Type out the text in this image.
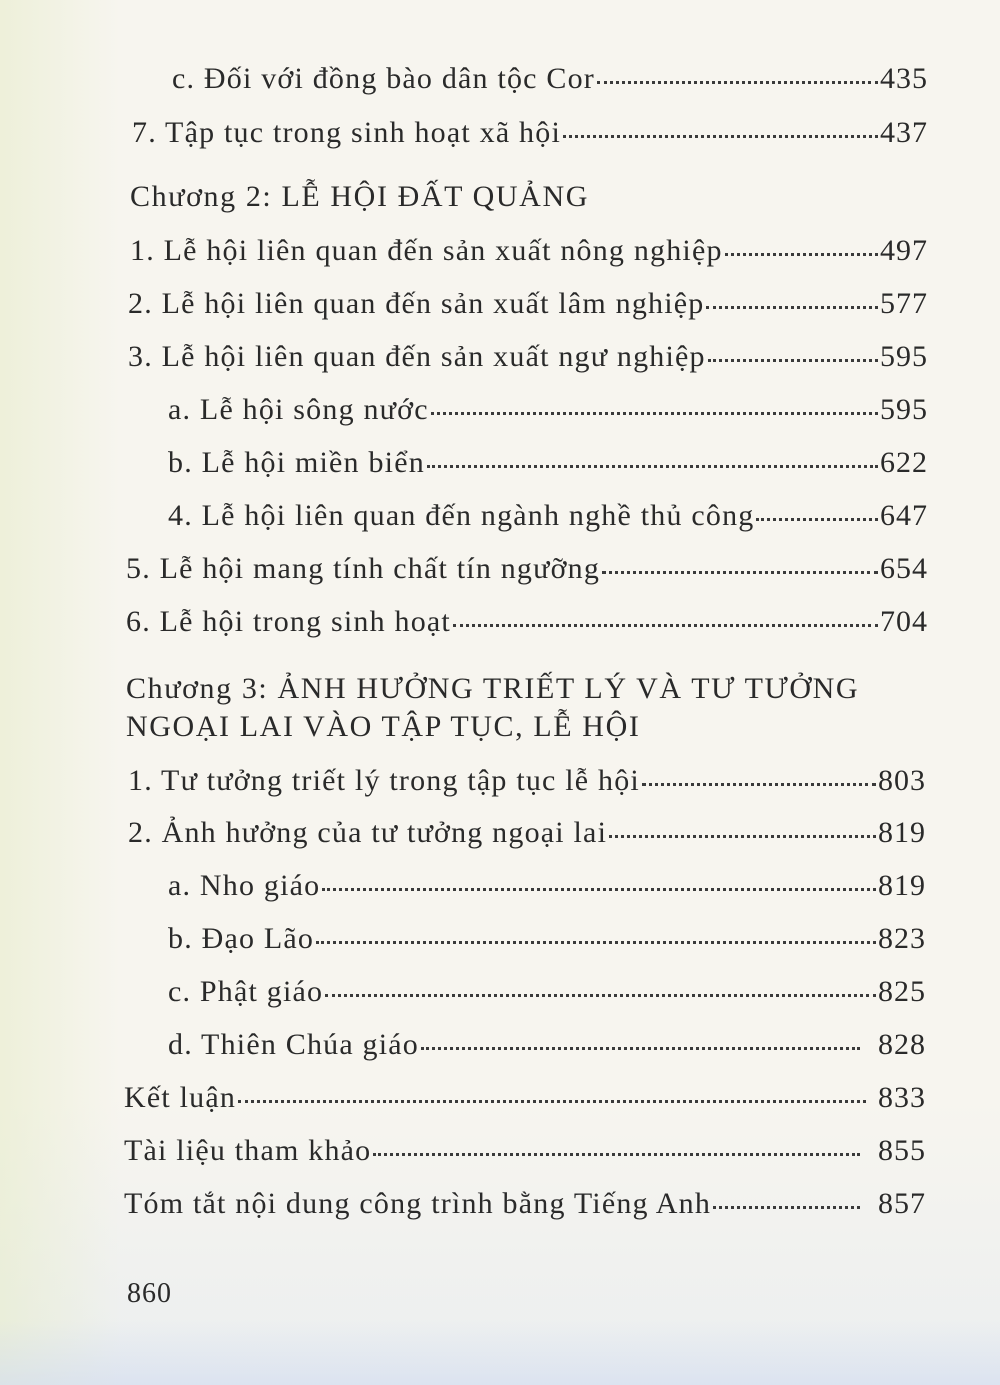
c. Đối với đồng bào dân tộc Cor	435
7. Tập tục trong sinh hoạt xã hội	437
Chương 2: LỄ HỘI ĐẤT QUẢNG
1. Lễ hội liên quan đến sản xuất nông nghiệp	497
2. Lễ hội liên quan đến sản xuất lâm nghiệp	577
3. Lễ hội liên quan đến sản xuất ngư nghiệp	595
a. Lễ hội sông nước	595
b. Lễ hội miền biển	622
4. Lễ hội liên quan đến ngành nghề thủ công	647
5. Lễ hội mang tính chất tín ngưỡng	654
6. Lễ hội trong sinh hoạt	704
Chương 3: ẢNH HƯỞNG TRIẾT LÝ VÀ TƯ TƯỞNG
NGOẠI LAI VÀO TẬP TỤC, LỄ HỘI
1. Tư tưởng triết lý trong tập tục lễ hội	803
2. Ảnh hưởng của tư tưởng ngoại lai	819
a. Nho giáo	819
b. Đạo Lão	823
c. Phật giáo	825
d. Thiên Chúa giáo	828
Kết luận	833
Tài liệu tham khảo	855
Tóm tắt nội dung công trình bằng Tiếng Anh	857
860
